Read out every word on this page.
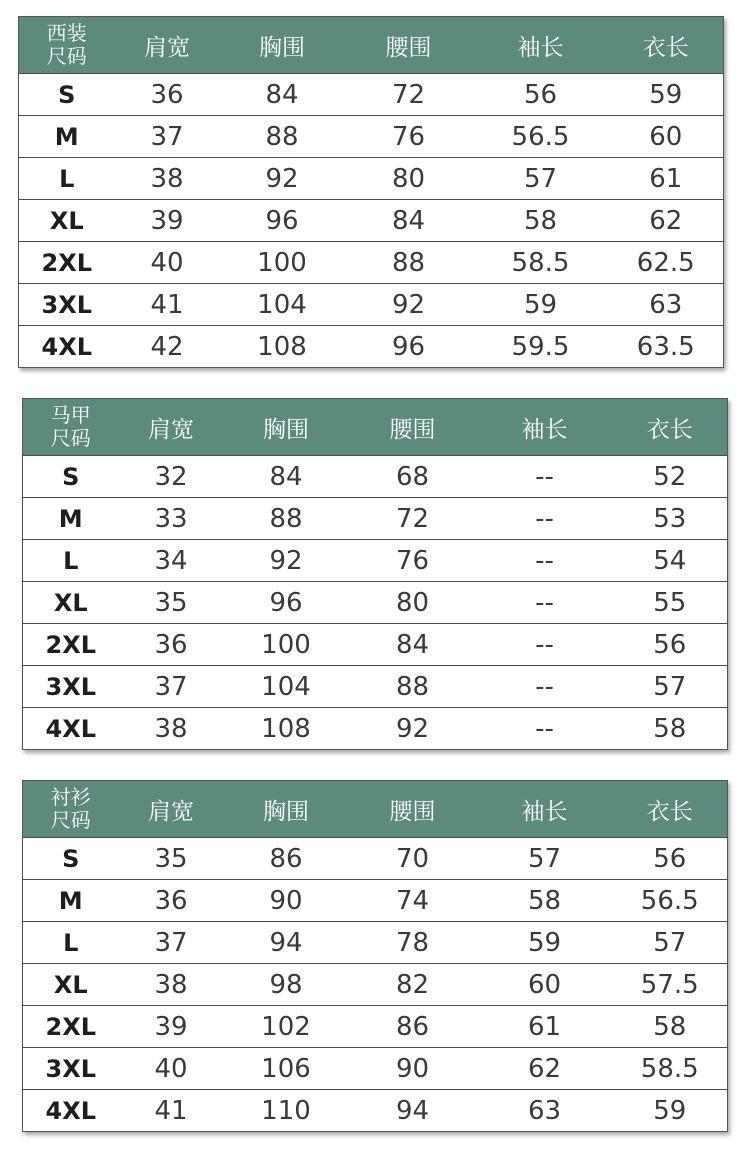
西装
尺码	肩宽	胸围	腰围	袖长	衣长
S	36	84	72	56	59
M	37	88	76	56.5	60
L	38	92	80	57	61
XL	39	96	84	58	62
2XL	40	100	88	58.5	62.5
3XL	41	104	92	59	63
4XL	42	108	96	59.5	63.5
马甲
尺码	肩宽	胸围	腰围	袖长	衣长
S	32	84	68	--	52
M	33	88	72	--	53
L	34	92	76	--	54
XL	35	96	80	--	55
2XL	36	100	84	--	56
3XL	37	104	88	--	57
4XL	38	108	92	--	58
衬衫
尺码	肩宽	胸围	腰围	袖长	衣长
S	35	86	70	57	56
M	36	90	74	58	56.5
L	37	94	78	59	57
XL	38	98	82	60	57.5
2XL	39	102	86	61	58
3XL	40	106	90	62	58.5
4XL	41	110	94	63	59
